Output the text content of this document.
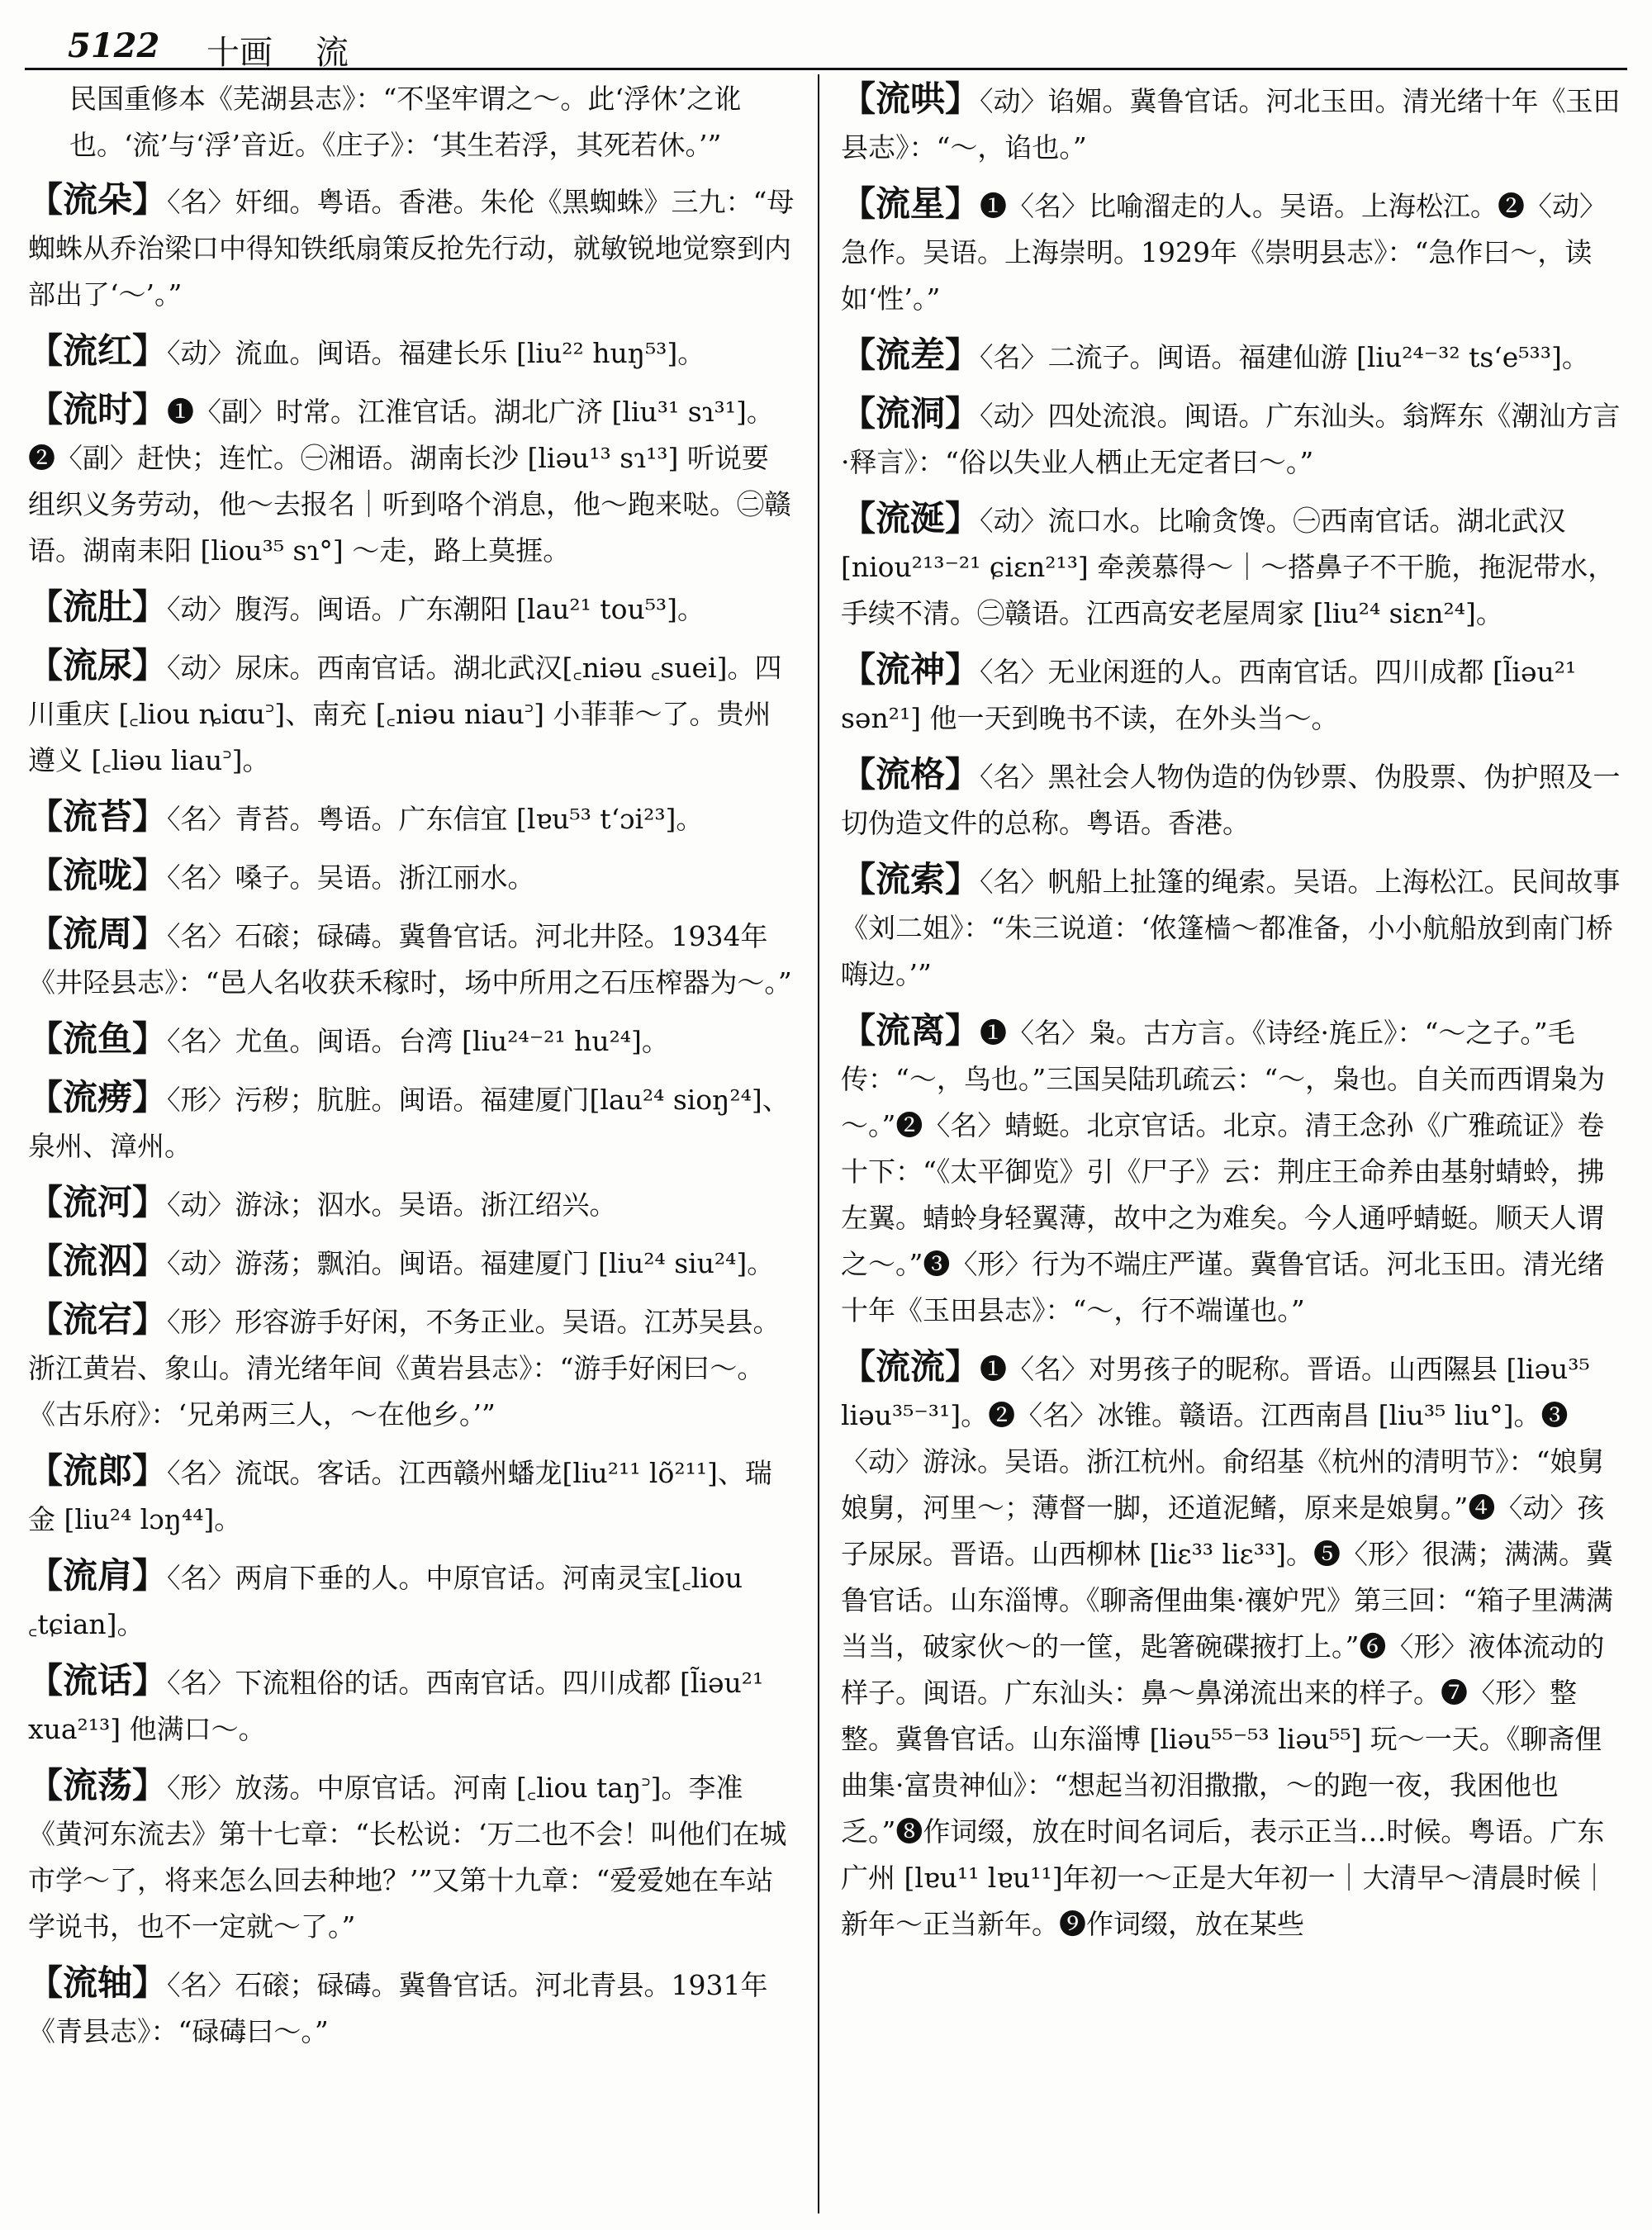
5122 十画 流
民国重修本《芜湖县志》：“不坚牢谓之～。此‘浮休’之讹也。‘流’与‘浮’音近。《庄子》：‘其生若浮，其死若休。’”
【流朵】〈名〉奸细。粤语。香港。朱伦《黑蜘蛛》三九：“母蜘蛛从乔治梁口中得知铁纸扇策反抢先行动，就敏锐地觉察到内部出了‘～’。”
【流红】〈动〉流血。闽语。福建长乐 [liu²² huŋ⁵³]。
【流时】❶〈副〉时常。江淮官话。湖北广济 [liu³¹ sɿ³¹]。❷〈副〉赶快；连忙。㊀湘语。湖南长沙 [liəu¹³ sɿ¹³] 听说要组织义务劳动，他～去报名｜听到咯个消息，他～跑来哒。㊁赣语。湖南耒阳 [liou³⁵ sɿ°] ～走，路上莫捱。
【流肚】〈动〉腹泻。闽语。广东潮阳 [lau²¹ tou⁵³]。
【流尿】〈动〉尿床。西南官话。湖北武汉[꜀niəu ꜀suei]。四川重庆 [꜀liou ȵiɑu꜄]、南充 [꜀niəu niau꜄] 小菲菲～了。贵州遵义 [꜀liəu liau꜄]。
【流苔】〈名〉青苔。粤语。广东信宜 [lɐu⁵³ tʻɔi²³]。
【流咙】〈名〉嗓子。吴语。浙江丽水。
【流周】〈名〉石磙；碌碡。冀鲁官话。河北井陉。1934年《井陉县志》：“邑人名收获禾稼时，场中所用之石压榨器为～。”
【流鱼】〈名〉尤鱼。闽语。台湾 [liu²⁴⁻²¹ hu²⁴]。
【流痨】〈形〉污秽；肮脏。闽语。福建厦门[lau²⁴ sioŋ²⁴]、泉州、漳州。
【流河】〈动〉游泳；泅水。吴语。浙江绍兴。
【流泅】〈动〉游荡；飘泊。闽语。福建厦门 [liu²⁴ siu²⁴]。
【流宕】〈形〉形容游手好闲，不务正业。吴语。江苏吴县。浙江黄岩、象山。清光绪年间《黄岩县志》：“游手好闲曰～。《古乐府》：‘兄弟两三人，～在他乡。’”
【流郎】〈名〉流氓。客话。江西赣州蟠龙[liu²¹¹ lõ²¹¹]、瑞金 [liu²⁴ lɔŋ⁴⁴]。
【流肩】〈名〉两肩下垂的人。中原官话。河南灵宝[꜀liou ꜀tɕian]。
【流话】〈名〉下流粗俗的话。西南官话。四川成都 [l̃iəu²¹ xua²¹³] 他满口～。
【流荡】〈形〉放荡。中原官话。河南 [꜀liou taŋ꜄]。李准《黄河东流去》第十七章：“长松说：‘万二也不会！叫他们在城市学～了，将来怎么回去种地？’”又第十九章：“爱爱她在车站学说书，也不一定就～了。”
【流轴】〈名〉石磙；碌碡。冀鲁官话。河北青县。1931年《青县志》：“碌碡曰～。”
【流哄】〈动〉谄媚。冀鲁官话。河北玉田。清光绪十年《玉田县志》：“～，谄也。”
【流星】❶〈名〉比喻溜走的人。吴语。上海松江。❷〈动〉急作。吴语。上海崇明。1929年《崇明县志》：“急作曰～，读如‘性’。”
【流差】〈名〉二流子。闽语。福建仙游 [liu²⁴⁻³² tsʻe⁵³³]。
【流洞】〈动〉四处流浪。闽语。广东汕头。翁辉东《潮汕方言·释言》：“俗以失业人栖止无定者曰～。”
【流涎】〈动〉流口水。比喻贪馋。㊀西南官话。湖北武汉 [niou²¹³⁻²¹ ɕiɛn²¹³] 牵羡慕得～｜～搭鼻子不干脆，拖泥带水，手续不清。㊁赣语。江西高安老屋周家 [liu²⁴ siɛn²⁴]。
【流神】〈名〉无业闲逛的人。西南官话。四川成都 [l̃iəu²¹ sən²¹] 他一天到晚书不读，在外头当～。
【流格】〈名〉黑社会人物伪造的伪钞票、伪股票、伪护照及一切伪造文件的总称。粤语。香港。
【流索】〈名〉帆船上扯篷的绳索。吴语。上海松江。民间故事《刘二姐》：“朱三说道：‘侬篷樯～都准备，小小航船放到南门桥嗨边。’”
【流离】❶〈名〉枭。古方言。《诗经·旄丘》：“～之子。”毛传：“～，鸟也。”三国吴陆玑疏云：“～，枭也。自关而西谓枭为～。”❷〈名〉蜻蜓。北京官话。北京。清王念孙《广雅疏证》卷十下：“《太平御览》引《尸子》云：荆庄王命养由基射蜻蛉，拂左翼。蜻蛉身轻翼薄，故中之为难矣。今人通呼蜻蜓。顺天人谓之～。”❸〈形〉行为不端庄严谨。冀鲁官话。河北玉田。清光绪十年《玉田县志》：“～，行不端谨也。”
【流流】❶〈名〉对男孩子的昵称。晋语。山西隰县 [liəu³⁵ liəu³⁵⁻³¹]。❷〈名〉冰锥。赣语。江西南昌 [liu³⁵ liu°]。❸〈动〉游泳。吴语。浙江杭州。俞绍基《杭州的清明节》：“娘舅娘舅，河里～；薄督一脚，还道泥鳍，原来是娘舅。”❹〈动〉孩子尿尿。晋语。山西柳林 [liɛ³³ liɛ³³]。❺〈形〉很满；满满。冀鲁官话。山东淄博。《聊斋俚曲集·禳妒咒》第三回：“箱子里满满当当，破家伙～的一筐，匙箸碗碟掖打上。”❻〈形〉液体流动的样子。闽语。广东汕头：鼻～鼻涕流出来的样子。❼〈形〉整整。冀鲁官话。山东淄博 [liəu⁵⁵⁻⁵³ liəu⁵⁵] 玩～一天。《聊斋俚曲集·富贵神仙》：“想起当初泪撒撒，～的跑一夜，我困他也乏。”❽作词缀，放在时间名词后，表示正当…时候。粤语。广东广州 [lɐu¹¹ lɐu¹¹]年初一～正是大年初一｜大清早～清晨时候｜新年～正当新年。❾作词缀，放在某些
